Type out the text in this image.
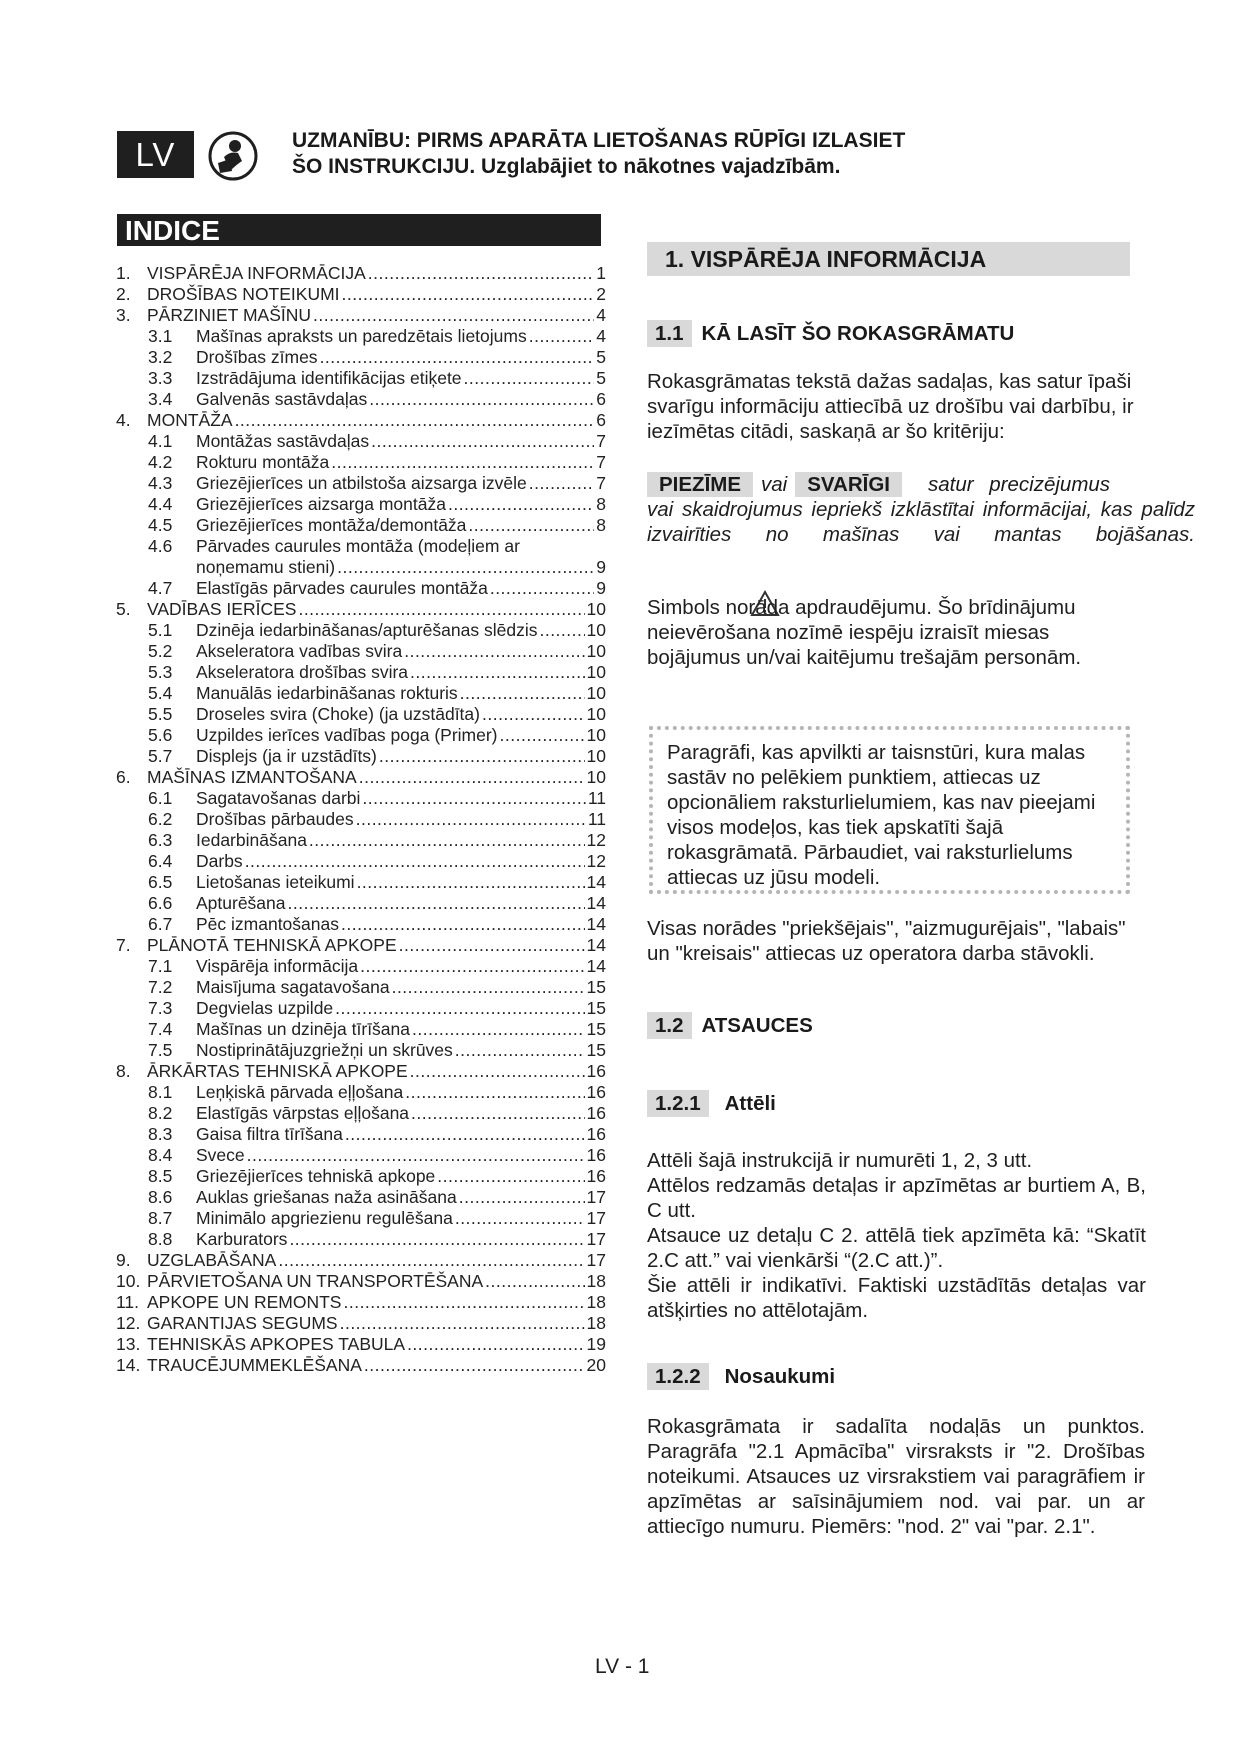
LV	UZMANĪBU: PIRMS APARĀTA LIETOŠANAS RŪPĪGI IZLASIET
ŠO INSTRUKCIJU. Uzglabājiet to nākotnes vajadzībām.
INDICE
1. VISPĀRĒJA INFORMĀCIJA .....	1
2. DROŠĪBAS NOTEIKUMI .....	2
3. PĀRZINIET MAŠĪNU .....	4
3.1	Mašīnas apraksts un paredzētais lietojums .....	4
3.2	Drošības zīmes .....	5
3.3	Izstrādājuma identifikācijas etiķete .....	5
3.4	Galvenās sastāvdaļas .....	6
4. MONTĀŽA .....	6
4.1	Montāžas sastāvdaļas .....	7
4.2	Rokturu montāža .....	7
4.3	Griezējierīces un atbilstoša aizsarga izvēle .....	7
4.4	Griezējierīces aizsarga montāža .....	8
4.5	Griezējierīces montāža/demontāža .....	8
4.6	Pārvades caurules montāža (modeļiem ar
noņemamu stieni) .....	9
4.7	Elastīgās pārvades caurules montāža .....	9
5. VADĪBAS IERĪCES .....	10
5.1	Dzinēja iedarbināšanas/apturēšanas slēdzis .....	10
5.2	Akseleratora vadības svira .....	10
5.3	Akseleratora drošības svira .....	10
5.4	Manuālās iedarbināšanas rokturis .....	10
5.5	Droseles svira (Choke) (ja uzstādīta) .....	10
5.6	Uzpildes ierīces vadības poga (Primer) .....	10
5.7	Displejs (ja ir uzstādīts) .....	10
6. MAŠĪNAS IZMANTOŠANA .....	10
6.1	Sagatavošanas darbi .....	11
6.2	Drošības pārbaudes .....	11
6.3	Iedarbināšana .....	12
6.4	Darbs .....	12
6.5	Lietošanas ieteikumi .....	14
6.6	Apturēšana .....	14
6.7	Pēc izmantošanas .....	14
7. PLĀNOTĀ TEHNISKĀ APKOPE .....	14
7.1	Vispārēja informācija .....	14
7.2	Maisījuma sagatavošana .....	15
7.3	Degvielas uzpilde .....	15
7.4	Mašīnas un dzinēja tīrīšana .....	15
7.5	Nostiprinātājuzgriežņi un skrūves .....	15
8. ĀRKĀRTAS TEHNISKĀ APKOPE .....	16
8.1	Leņķiskā pārvada eļļošana .....	16
8.2	Elastīgās vārpstas eļļošana .....	16
8.3	Gaisa filtra tīrīšana .....	16
8.4	Svece .....	16
8.5	Griezējierīces tehniskā apkope .....	16
8.6	Auklas griešanas naža asināšana .....	17
8.7	Minimālo apgriezienu regulēšana .....	17
8.8	Karburators .....	17
9. UZGLABĀŠANA .....	17
10. PĀRVIETOŠANA UN TRANSPORTĒŠANA .....	18
11. APKOPE UN REMONTS .....	18
12. GARANTIJAS SEGUMS .....	18
13. TEHNISKĀS APKOPES TABULA .....	19
14. TRAUCĒJUMMEKLĒŠANA .....	20
1. VISPĀRĒJA INFORMĀCIJA
1.1 KĀ LASĪT ŠO ROKASGRĀMATU
Rokasgrāmatas tekstā dažas sadaļas, kas satur īpaši svarīgu informāciju attiecībā uz drošību vai darbību, ir iezīmētas citādi, saskaņā ar šo kritēriju:
PIEZĪME vai SVARĪGI satur precizējumus
vai skaidrojumus iepriekš izklāstītai informācijai, kas palīdz izvairīties no mašīnas vai mantas bojāšanas.
Simbols norāda apdraudējumu. Šo brīdinājumu neievērošana nozīmē iespēju izraisīt miesas bojājumus un/vai kaitējumu trešajām personām.
Paragrāfi, kas apvilkti ar taisnstūri, kura malas sastāv no pelēkiem punktiem, attiecas uz opcionāliem raksturlielumiem, kas nav pieejami visos modeļos, kas tiek apskatīti šajā rokasgrāmatā. Pārbaudiet, vai raksturlielums attiecas uz jūsu modeli.
Visas norādes "priekšējais", "aizmugurējais", "labais" un "kreisais" attiecas uz operatora darba stāvokli.
1.2 ATSAUCES
1.2.1	Attēli
Attēli šajā instrukcijā ir numurēti 1, 2, 3 utt.
Attēlos redzamās detaļas ir apzīmētas ar burtiem A, B, C utt.
Atsauce uz detaļu C 2. attēlā tiek apzīmēta kā: “Skatīt 2.C att.” vai vienkārši “(2.C att.)”.
Šie attēli ir indikatīvi. Faktiski uzstādītās detaļas var atšķirties no attēlotajām.
1.2.2	Nosaukumi
Rokasgrāmata ir sadalīta nodaļās un punktos. Paragrāfa "2.1 Apmācība" virsraksts ir "2. Drošības noteikumi. Atsauces uz virsrakstiem vai paragrāfiem ir apzīmētas ar saīsinājumiem nod. vai par. un ar attiecīgo numuru. Piemērs: "nod. 2" vai "par. 2.1".
LV - 1
